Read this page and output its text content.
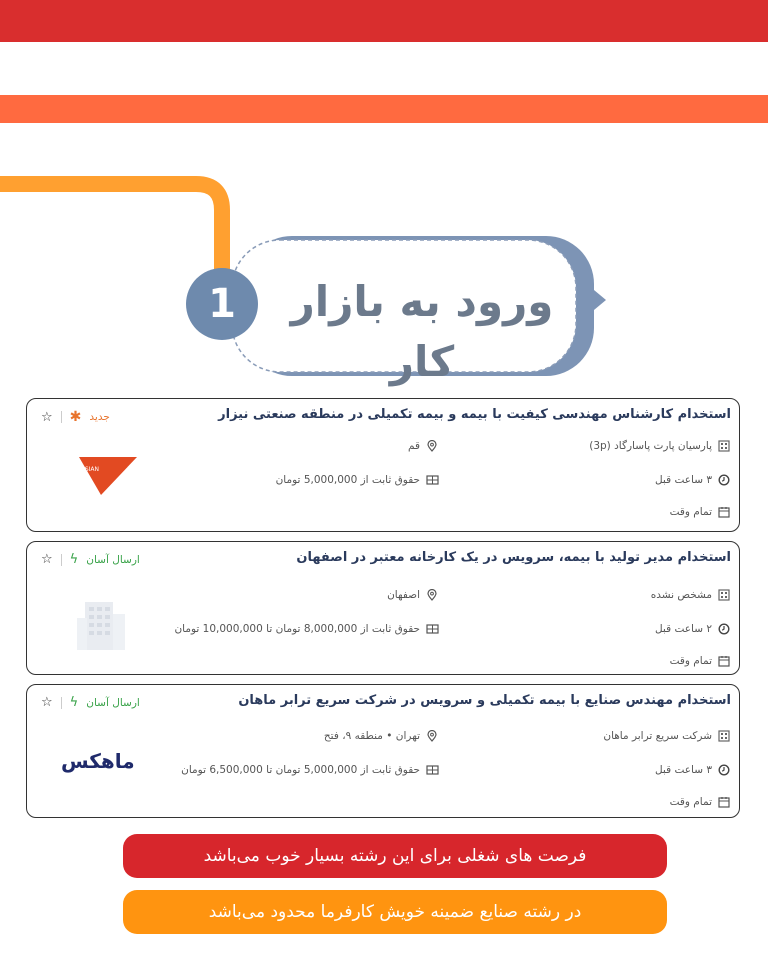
ورود به بازار کار
1
استخدام کارشناس مهندسی کیفیت با بیمه و بیمه تکمیلی در منطقه صنعتی نیزار
پارسیان پارت پاسارگاد (3p)
قم
۳ ساعت قبل
حقوق ثابت از 5,000,000 تومان
تمام وقت
جدید
✱
☆
PARSIAN
استخدام مدیر تولید با بیمه، سرویس در یک کارخانه معتبر در اصفهان
مشخص نشده
اصفهان
۲ ساعت قبل
حقوق ثابت از 8,000,000 تومان تا 10,000,000 تومان
تمام وقت
ارسال آسان
ϟ
☆
استخدام مهندس صنایع با بیمه تکمیلی و سرویس در شرکت سریع ترابر ماهان
شرکت سریع ترابر ماهان
تهران • منطقه ۹، فتح
۳ ساعت قبل
حقوق ثابت از 5,000,000 تومان تا 6,500,000 تومان
تمام وقت
ارسال آسان
ϟ
☆
ماهکس
فرصت های شغلی برای این رشته بسیار خوب می‌باشد
در رشته صنایع ضمینه خویش کارفرما محدود می‌باشد
